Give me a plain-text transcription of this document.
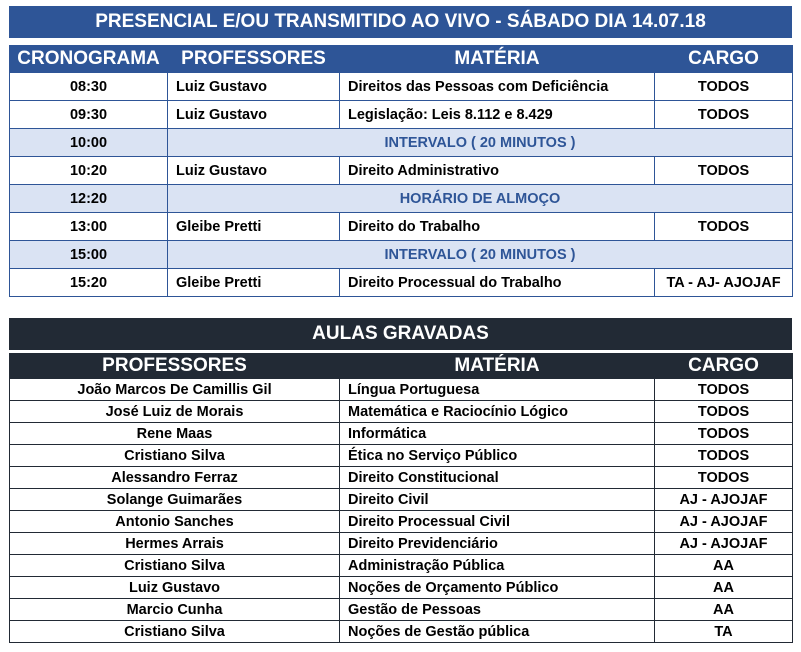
PRESENCIAL E/OU TRANSMITIDO AO VIVO - SÁBADO DIA 14.07.18
CRONOGRAMA	PROFESSORES	MATÉRIA	CARGO
08:30	Luiz Gustavo	Direitos das Pessoas com Deficiência	TODOS
09:30	Luiz Gustavo	Legislação: Leis 8.112 e 8.429	TODOS
10:00	INTERVALO ( 20 MINUTOS )		
10:20	Luiz Gustavo	Direito Administrativo	TODOS
12:20	HORÁRIO DE ALMOÇO		
13:00	Gleibe Pretti	Direito do Trabalho	TODOS
15:00	INTERVALO ( 20 MINUTOS )		
15:20	Gleibe Pretti	Direito Processual do Trabalho	TA - AJ- AJOJAF
AULAS GRAVADAS
PROFESSORES	MATÉRIA	CARGO
João Marcos De Camillis Gil	Língua Portuguesa	TODOS
José Luiz de Morais	Matemática e Raciocínio Lógico	TODOS
Rene Maas	Informática	TODOS
Cristiano Silva	Ética no Serviço Público	TODOS
Alessandro Ferraz	Direito Constitucional	TODOS
Solange Guimarães	Direito Civil	AJ - AJOJAF
Antonio Sanches	Direito Processual Civil	AJ - AJOJAF
Hermes Arrais	Direito Previdenciário	AJ - AJOJAF
Cristiano Silva	Administração Pública	AA
Luiz Gustavo	Noções de Orçamento Público	AA
Marcio Cunha	Gestão de Pessoas	AA
Cristiano Silva	Noções de Gestão pública	TA
